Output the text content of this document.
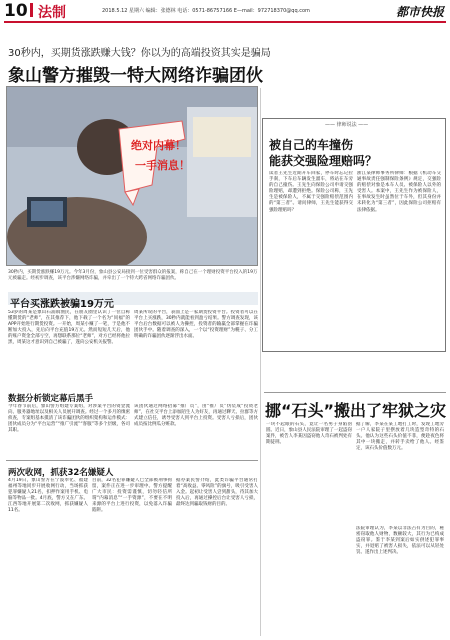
10 法制	2018.5.12 星期六 编辑：张德林 电话：0571-86757166 E—mail：972718370@qq.com	都市快报
30秒内，买期货涨跌赚大钱？你以为的高端投资其实是骗局
象山警方摧毁一特大网络诈骗团伙
绝对内幕！
一手消息！
30秒内，买期货涨跌赚19万元。今年3月份，象山县公安局接到一位受害群众的报案，称自己在一个理财投资平台投入的19万元被骗走。经初步调查，该平台涉嫌网络诈骗，并牵出了一个特大跨省网络诈骗团伙。
平台买涨跌被骗19万元
53岁的周某是象山石浦镇渔民，在朋友圈里认识了一位自称懂期货的“老师”，在其推荐下，他下载了一个名为“同福”的APP开始进行期货投资。一开始，周某小赚了一笔，于是他不断加大投入，先后向平台充值19万元。然而短短几天后，他的账户资金全部亏空，再想联系那位“老师”，对方已经将他拉黑，周某这才意识到自己被骗了，遂向公安机关报警。
周某所说的平台，表面上是一家期货投资平台。投资者可以在平台上买涨跌，30秒内就能看到盈亏结果。警方调查发现，该平台后台数据可以被人为操控，投资者的输赢全部掌握在诈骗团伙手中。随着调查的深入，一个以“投资理财”为幌子、分工明确的诈骗团伙逐渐浮出水面。
数据分析锁定幕后黑手
今年春节前后，象山警方组建专案组，对涉案平台的资金流向、服务器地址以及相关人员展开调查。经过一个多月的缜密侦查，专案组基本摸清了该诈骗团伙的组织架构和运作模式：团伙成员分为“平台运营”“推广引流”“客服”等多个层级，各司其职。
该团伙通过网络招募“推广员”，由“推广员”伪装成“投资老师”，在社交平台上添加陌生人为好友，再通过聊天、拉群等方式建立信任，诱导受害人到平台上投资。受害人亏损后，团伙成员按比例瓜分赃款。
两次收网，抓获32名嫌疑人
4月19日，象山警方在宁波奉化、福建福州等地同步开展收网行动，当场抓获犯罪嫌疑人21名，扣押作案用手机、电脑等物品一批。4月底，警方又在广东、江西等地开展第二次收网，抓获嫌疑人11名。
目前，32名犯罪嫌疑人已全部被刑事拘留，案件正在进一步审理中。警方提醒广大市民：投资需谨慎，切勿轻信所谓“内幕消息”“一手资源”，不要在不明来源的平台上进行投资，以免落入诈骗陷阱。
据办案民警介绍，此类诈骗平台通常打着“高收益、零风险”的旗号，吸引受害人入金。起初让受害人尝到甜头，待其加大投入后，再通过操控后台让受害人亏损，最终达到骗取钱财的目的。
—— 律师说法 ——
被自己的车撞伤
能获交强险理赔吗？
读者王先生近期开车回家，停车时忘记拉手刹，下车后车辆发生溜车，将站在车旁的自己撞伤。王先生向保险公司申请交强险理赔，却遭到拒绝。保险公司称，王先生是被保险人，不属于交强险赔偿范围内的“第三者”。请问律师，王先生能获得交强险理赔吗？
浙江某律师事务所律师：根据《机动车交通事故责任强制保险条例》规定，交强险的赔偿对象是本车人员、被保险人以外的受害人。本案中，王先生作为被保险人，在事故发生时虽然位于车外，但其身份并未转化为“第三者”，因此保险公司拒赔有法律依据。
挪“石头”搬出了牢狱之灾
一块不起眼的石头，竟让一名男子身陷囹圄。近日，象山县人民法院审理了一起盗窃案件，被告人李某因盗窃他人奇石被判处有期徒刑。
据了解，李某在某工地打工时，发现工地旁一户人家院子里摆放着几块造型奇特的石头。他认为这些石头价值不菲，便趁夜色将其中一块搬走，并转手卖给了他人。经鉴定，该石头价值数万元。
法院审理认为，李某以非法占有为目的，秘密窃取他人财物，数额较大，其行为已构成盗窃罪。鉴于李某到案后如实供述犯罪事实，并退赔了被害人损失，依法可以从轻处罚。遂作出上述判决。
